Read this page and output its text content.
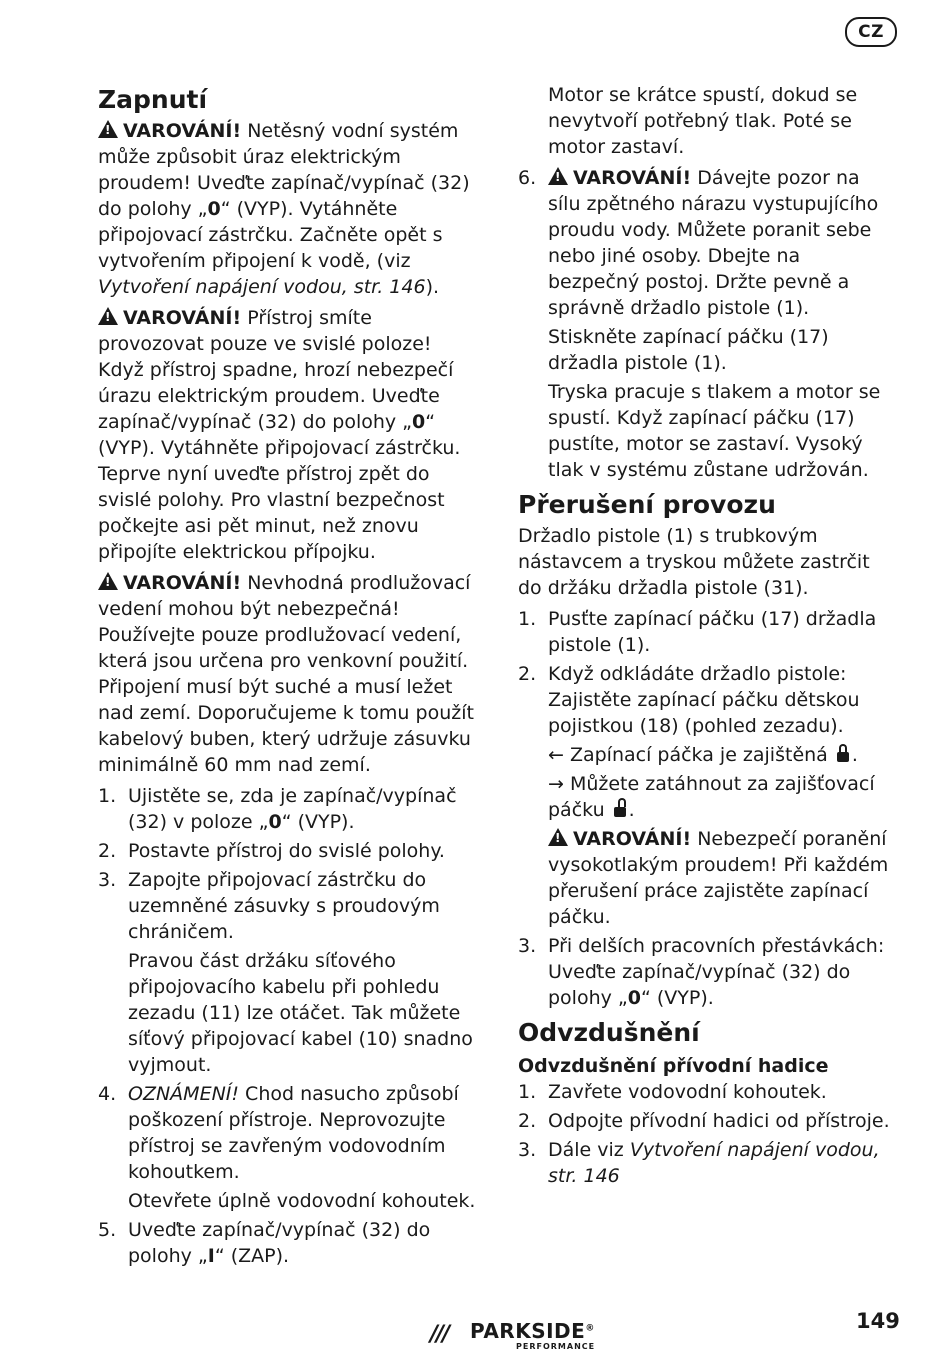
CZ
Zapnutí

!VAROVÁNÍ! Netěsný vodní systém může způsobit úraz elektrickým proudem! Uveďte zapínač/vypínač (32) do polohy „0“ (VYP). Vytáhněte připojovací zástrčku. Začněte opět s vytvořením připojení k vodě, (viz Vytvoření napájení vodou, str. 146).

!VAROVÁNÍ! Přístroj smíte provozovat pouze ve svislé poloze! Když přístroj spadne, hrozí nebezpečí úrazu elektrickým proudem. Uveďte zapínač/vypínač (32) do polohy „0“ (VYP). Vytáhněte připojovací zástrčku. Teprve nyní uveďte přístroj zpět do svislé polohy. Pro vlastní bezpečnost počkejte asi pět minut, než znovu připojíte elektrickou přípojku.

!VAROVÁNÍ! Nevhodná prodlužovací vedení mohou být nebezpečná! Používejte pouze prodlužovací vedení, která jsou určena pro venkovní použití. Připojení musí být suché a musí ležet nad zemí. Doporučujeme k tomu použít kabelový buben, který udržuje zásuvku minimálně 60 mm nad zemí.

1. Ujistěte se, zda je zapínač/vypínač (32) v poloze „0“ (VYP).
2. Postavte přístroj do svislé polohy.
3. Zapojte připojovací zástrčku do uzemněné zásuvky s proudovým chráničem.
Pravou část držáku síťového připojovacího kabelu při pohledu zezadu (11) lze otáčet. Tak můžete síťový připojovací kabel (10) snadno vyjmout.
4. OZNÁMENÍ! Chod nasucho způsobí poškození přístroje. Neprovozujte přístroj se zavřeným vodovodním kohoutkem.
Otevřete úplně vodovodní kohoutek.
5. Uveďte zapínač/vypínač (32) do polohy „I“ (ZAP).

Motor se krátce spustí, dokud se nevytvoří potřebný tlak. Poté se motor zastaví.

6.
!	VAROVÁNÍ! Dávejte pozor na sílu zpětného nárazu vystupujícího proudu vody. Můžete poranit sebe nebo jiné osoby. Dbejte na bezpečný postoj. Držte pevně a správně držadlo pistole (1).
Stiskněte zapínací páčku (17) držadla pistole (1).
Tryska pracuje s tlakem a motor se spustí. Když zapínací páčku (17) pustíte, motor se zastaví. Vysoký tlak v systému zůstane udržován.
Přerušení provozu

Držadlo pistole (1) s trubkovým nástavcem a tryskou můžete zastrčit do držáku držadla pistole (31).

1. Pusťte zapínací páčku (17) držadla pistole (1).
2. Když odkládáte držadlo pistole: Zajistěte zapínací páčku dětskou pojistkou (18) (pohled zezadu).
← Zapínací páčka je zajištěná .
→ Můžete zatáhnout za zajišťovací páčku .
!VAROVÁNÍ! Nebezpečí poranění vysokotlakým proudem! Při každém přerušení práce zajistěte zapínací páčku.
3. Při delších pracovních přestávkách: Uveďte zapínač/vypínač (32) do polohy „0“ (VYP).
Odvzdušnění
Odvzdušnění přívodní hadice
1. Zavřete vodovodní kohoutek.
2. Odpojte přívodní hadici od přístroje.
3. Dále viz Vytvoření napájení vodou, str. 146
/// PARKSIDE®
PERFORMANCE
149
